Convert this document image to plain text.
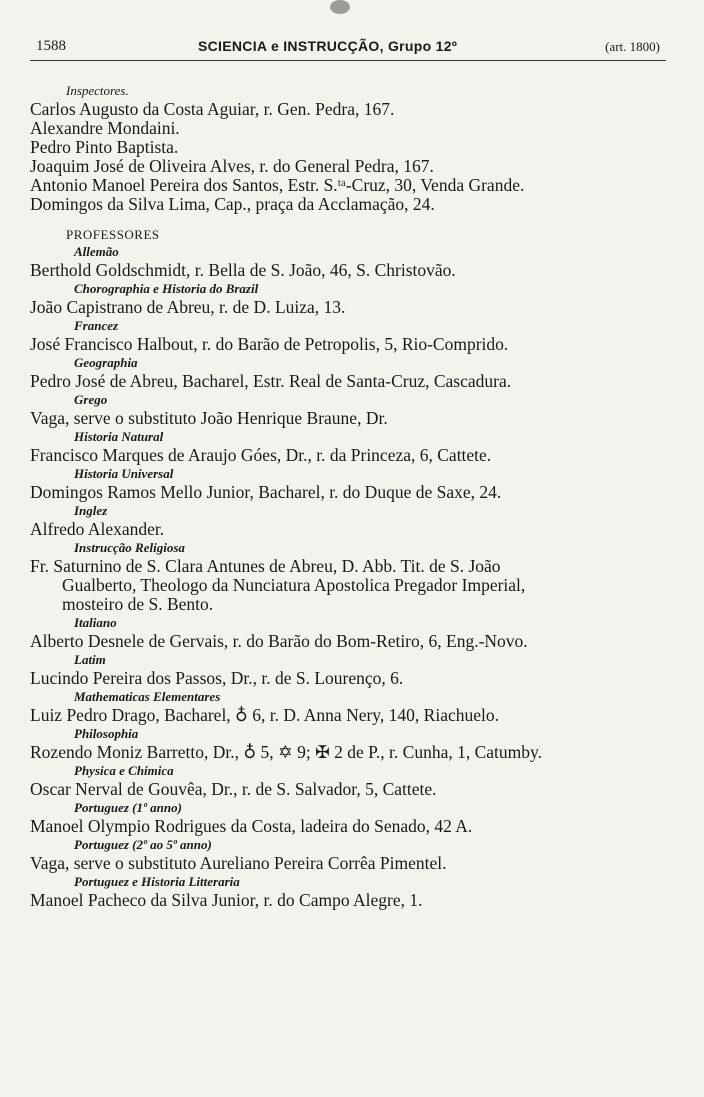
1588	SCIENCIA e INSTRUCÇÃO, Grupo 12º	(art. 1800)
Inspectores.
Carlos Augusto da Costa Aguiar, r. Gen. Pedra, 167.
Alexandre Mondaini.
Pedro Pinto Baptista.
Joaquim José de Oliveira Alves, r. do General Pedra, 167.
Antonio Manoel Pereira dos Santos, Estr. S.ᵗᵃ-Cruz, 30, Venda Grande.
Domingos da Silva Lima, Cap., praça da Acclamação, 24.
PROFESSORES
Allemão
Berthold Goldschmidt, r. Bella de S. João, 46, S. Christovão.
Chorographia e Historia do Brazil
João Capistrano de Abreu, r. de D. Luiza, 13.
Francez
José Francisco Halbout, r. do Barão de Petropolis, 5, Rio-Comprido.
Geographia
Pedro José de Abreu, Bacharel, Estr. Real de Santa-Cruz, Cascadura.
Grego
Vaga, serve o substituto João Henrique Braune, Dr.
Historia Natural
Francisco Marques de Araujo Góes, Dr., r. da Princeza, 6, Cattete.
Historia Universal
Domingos Ramos Mello Junior, Bacharel, r. do Duque de Saxe, 24.
Inglez
Alfredo Alexander.
Instrucção Religiosa
Fr. Saturnino de S. Clara Antunes de Abreu, D. Abb. Tit. de S. João
Gualberto, Theologo da Nunciatura Apostolica Pregador Imperial,
mosteiro de S. Bento.
Italiano
Alberto Desnele de Gervais, r. do Barão do Bom-Retiro, 6, Eng.-Novo.
Latim
Lucindo Pereira dos Passos, Dr., r. de S. Lourenço, 6.
Mathematicas Elementares
Luiz Pedro Drago, Bacharel, ♁ 6, r. D. Anna Nery, 140, Riachuelo.
Philosophia
Rozendo Moniz Barretto, Dr., ♁ 5, ✡ 9; ✠ 2 de P., r. Cunha, 1, Catumby.
Physica e Chimica
Oscar Nerval de Gouvêa, Dr., r. de S. Salvador, 5, Cattete.
Portuguez (1º anno)
Manoel Olympio Rodrigues da Costa, ladeira do Senado, 42 A.
Portuguez (2º ao 5º anno)
Vaga, serve o substituto Aureliano Pereira Corrêa Pimentel.
Portuguez e Historia Litteraria
Manoel Pacheco da Silva Junior, r. do Campo Alegre, 1.
